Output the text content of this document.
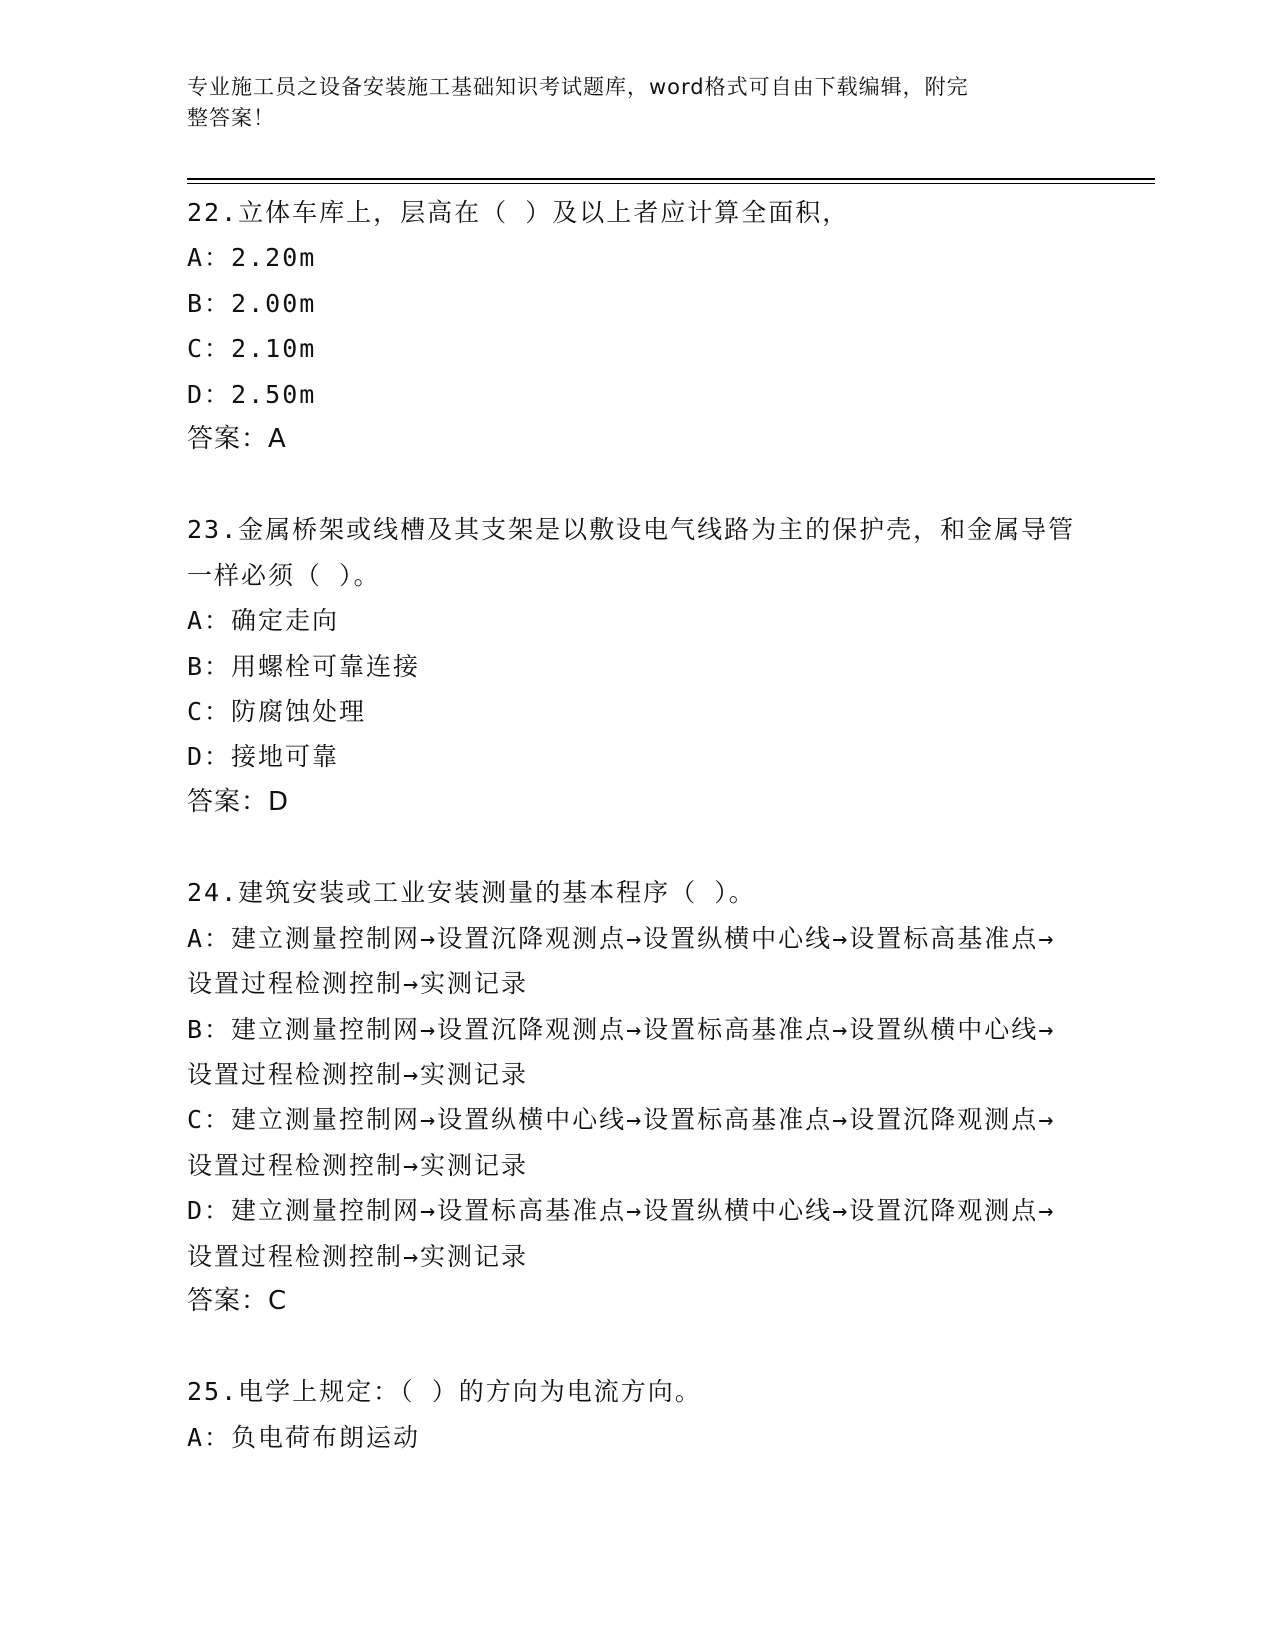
专业施工员之设备安装施工基础知识考试题库，word格式可自由下载编辑，附完
整答案！

22.立体车库上，层高在（ ）及以上者应计算全面积，

A：2.20m

B：2.00m

C：2.10m

D：2.50m

答案：A

23.金属桥架或线槽及其支架是以敷设电气线路为主的保护壳，和金属导管一样必须（ ）。

A：确定走向

B：用螺栓可靠连接

C：防腐蚀处理

D：接地可靠

答案：D

24.建筑安装或工业安装测量的基本程序（ ）。

A：建立测量控制网→设置沉降观测点→设置纵横中心线→设置标高基准点→设置过程检测控制→实测记录

B：建立测量控制网→设置沉降观测点→设置标高基准点→设置纵横中心线→设置过程检测控制→实测记录

C：建立测量控制网→设置纵横中心线→设置标高基准点→设置沉降观测点→设置过程检测控制→实测记录

D：建立测量控制网→设置标高基准点→设置纵横中心线→设置沉降观测点→设置过程检测控制→实测记录

答案：C

25.电学上规定：（ ）的方向为电流方向。

A：负电荷布朗运动
